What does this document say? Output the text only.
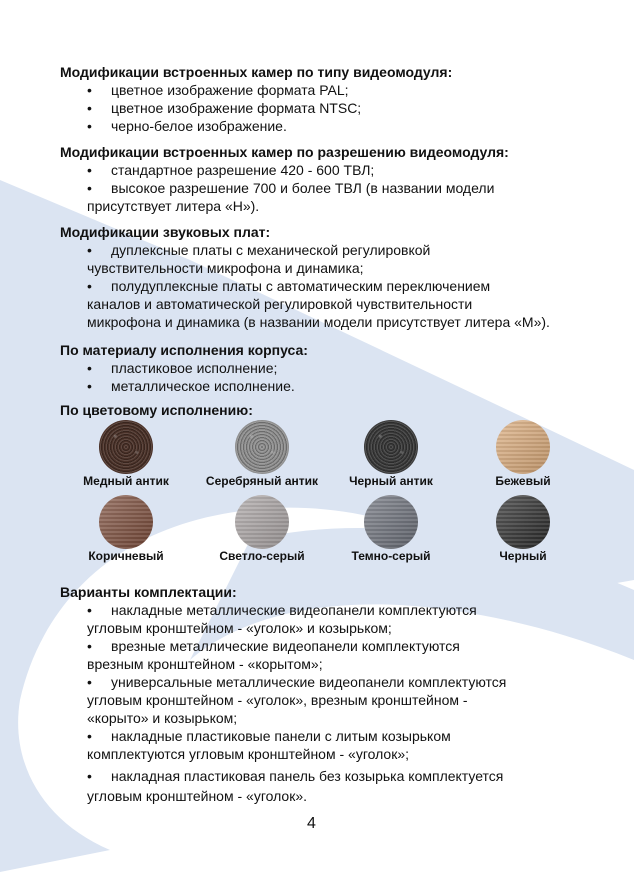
Модификации встроенных камер по типу видеомодуля:
• цветное изображение формата PAL;
• цветное изображение формата NTSC;
• черно-белое изображение.
Модификации встроенных камер по разрешению видеомодуля:
• стандартное разрешение 420 - 600 ТВЛ;
• высокое разрешение 700 и более ТВЛ (в названии модели
присутствует литера «H»).
Модификации звуковых плат:
• дуплексные платы с механической регулировкой
чувствительности микрофона и динамика;
• полудуплексные платы с автоматическим переключением
каналов и автоматической регулировкой чувствительности
микрофона и динамика (в названии модели присутствует литера «M»).
По материалу исполнения корпуса:
• пластиковое исполнение;
• металлическое исполнение.
По цветовому исполнению:
Медный антик	Серебряный антик	Черный антик	Бежевый
Коричневый	Светло-серый	Темно-серый	Черный
Варианты комплектации:
• накладные металлические видеопанели комплектуются
угловым кронштейном - «уголок» и козырьком;
• врезные металлические видеопанели комплектуются
врезным кронштейном - «корытом»;
• универсальные металлические видеопанели комплектуются
угловым кронштейном - «уголок», врезным кронштейном -
«корыто» и козырьком;
• накладные пластиковые панели с литым козырьком
комплектуются угловым кронштейном - «уголок»;
• накладная пластиковая панель без козырька комплектуется
угловым кронштейном - «уголок».
4
